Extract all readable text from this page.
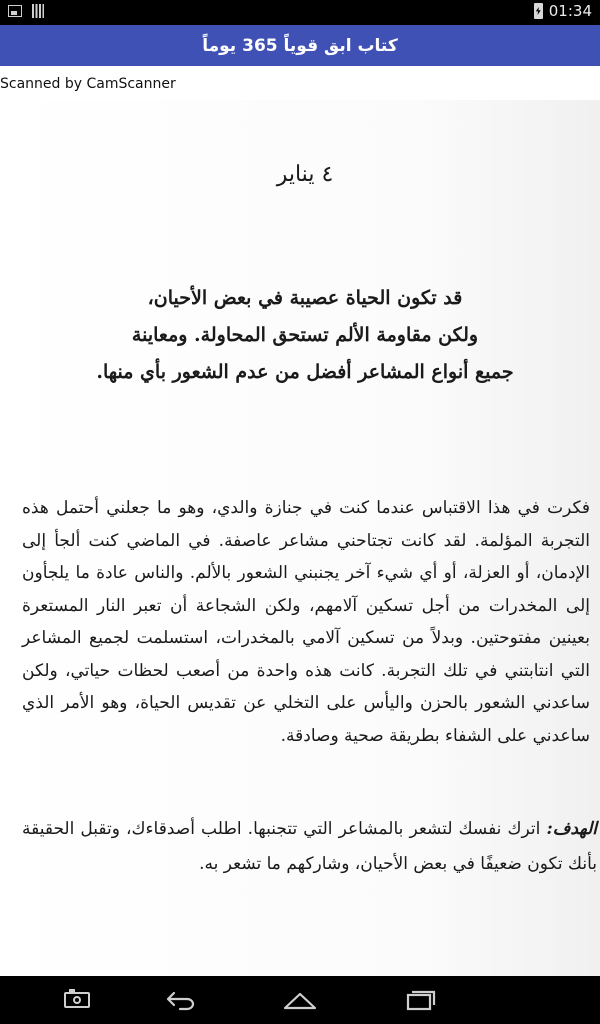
01:34
كتاب ابق قوياً 365 يوماً
Scanned by CamScanner
٤ يناير
قد تكون الحياة عصيبة في بعض الأحيان،
ولكن مقاومة الألم تستحق المحاولة. ومعاينة
جميع أنواع المشاعر أفضل من عدم الشعور بأي منها.
فكرت في هذا الاقتباس عندما كنت في جنازة والدي، وهو ما جعلني أحتمل هذه التجربة المؤلمة. لقد كانت تجتاحني مشاعر عاصفة. في الماضي كنت ألجأ إلى الإدمان، أو العزلة، أو أي شيء آخر يجنبني الشعور بالألم. والناس عادة ما يلجأون إلى المخدرات من أجل تسكين آلامهم، ولكن الشجاعة أن تعبر النار المستعرة بعينين مفتوحتين. وبدلاً من تسكين آلامي بالمخدرات، استسلمت لجميع المشاعر التي انتابتني في تلك التجربة. كانت هذه واحدة من أصعب لحظات حياتي، ولكن ساعدني الشعور بالحزن واليأس على التخلي عن تقديس الحياة، وهو الأمر الذي ساعدني على الشفاء بطريقة صحية وصادقة.
الهدف: اترك نفسك لتشعر بالمشاعر التي تتجنبها. اطلب أصدقاءك، وتقبل الحقيقة بأنك تكون ضعيفًا في بعض الأحيان، وشاركهم ما تشعر به.
